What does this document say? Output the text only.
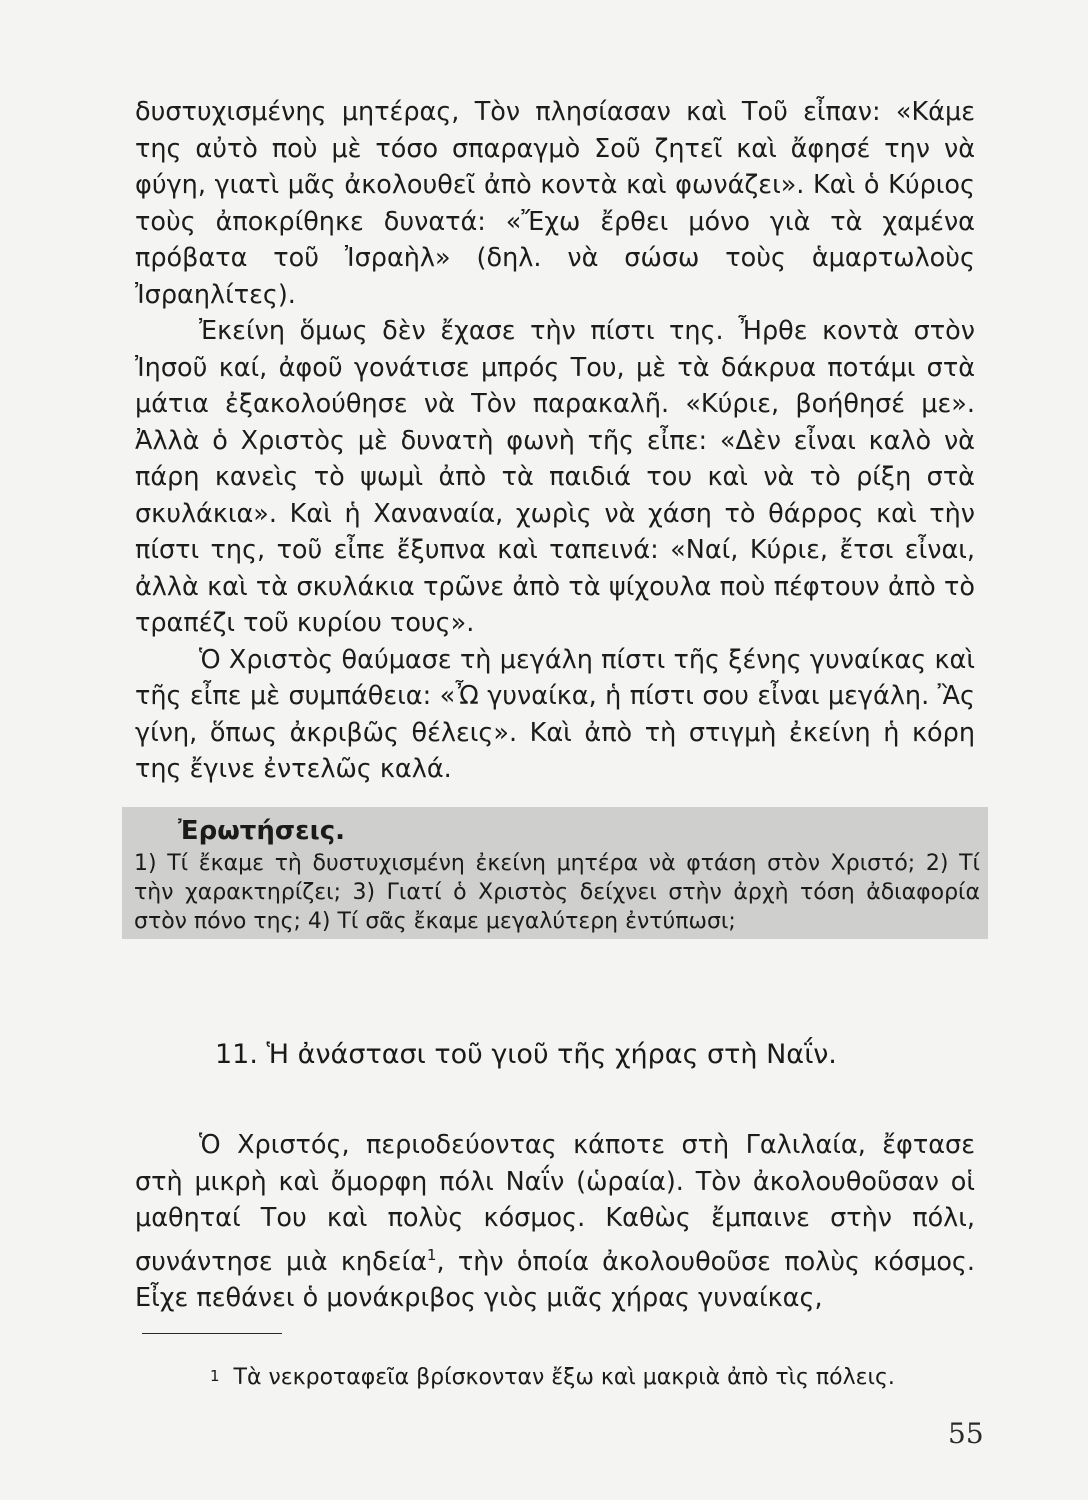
δυστυχισμένης μητέρας, Τὸν πλησίασαν καὶ Τοῦ εἶπαν: «Κάμε της αὐτὸ ποὺ μὲ τόσο σπαραγμὸ Σοῦ ζητεῖ καὶ ἄφησέ την νὰ φύγη, γιατὶ μᾶς ἀκολουθεῖ ἀπὸ κοντὰ καὶ φωνάζει». Καὶ ὁ Κύριος τοὺς ἀποκρίθηκε δυνατά: «Ἔχω ἔρθει μόνο γιὰ τὰ χαμένα πρόβατα τοῦ Ἰσραὴλ» (δηλ. νὰ σώσω τοὺς ἁμαρτωλοὺς Ἰσραηλίτες).

Ἐκείνη ὅμως δὲν ἔχασε τὴν πίστι της. Ἦρθε κοντὰ στὸν Ἰησοῦ καί, ἀφοῦ γονάτισε μπρός Του, μὲ τὰ δάκρυα ποτάμι στὰ μάτια ἐξακολούθησε νὰ Τὸν παρακαλῆ. «Κύριε, βοήθησέ με». Ἀλλὰ ὁ Χριστὸς μὲ δυνατὴ φωνὴ τῆς εἶπε: «Δὲν εἶναι καλὸ νὰ πάρη κανεὶς τὸ ψωμὶ ἀπὸ τὰ παιδιά του καὶ νὰ τὸ ρίξη στὰ σκυλάκια». Καὶ ἡ Χαναναία, χωρὶς νὰ χάση τὸ θάρρος καὶ τὴν πίστι της, τοῦ εἶπε ἔξυπνα καὶ ταπεινά: «Ναί, Κύριε, ἔτσι εἶναι, ἀλλὰ καὶ τὰ σκυλάκια τρῶνε ἀπὸ τὰ ψίχουλα ποὺ πέφτουν ἀπὸ τὸ τραπέζι τοῦ κυρίου τους».

Ὁ Χριστὸς θαύμασε τὴ μεγάλη πίστι τῆς ξένης γυναίκας καὶ τῆς εἶπε μὲ συμπάθεια: «Ὦ γυναίκα, ἡ πίστι σου εἶναι μεγάλη. Ἂς γίνη, ὅπως ἀκριβῶς θέλεις». Καὶ ἀπὸ τὴ στιγμὴ ἐκείνη ἡ κόρη της ἔγινε ἐντελῶς καλά.

Ἐρωτήσεις.
1) Τί ἔκαμε τὴ δυστυχισμένη ἐκείνη μητέρα νὰ φτάση στὸν Χριστό; 2) Τί τὴν χαρακτηρίζει; 3) Γιατί ὁ Χριστὸς δείχνει στὴν ἀρχὴ τόση ἀδιαφορία στὸν πόνο της; 4) Τί σᾶς ἔκαμε μεγαλύτερη ἐντύπωσι;
11. Ἡ ἀνάστασι τοῦ γιοῦ τῆς χήρας στὴ Ναΐν.

Ὁ Χριστός, περιοδεύοντας κάποτε στὴ Γαλιλαία, ἔφτασε στὴ μικρὴ καὶ ὄμορφη πόλι Ναΐν (ὡραία). Τὸν ἀκολουθοῦσαν οἱ μαθηταί Του καὶ πολὺς κόσμος. Καθὼς ἔμπαινε στὴν πόλι, συνάντησε μιὰ κηδεία$^1$, τὴν ὁποία ἀκολουθοῦσε πολὺς κόσμος. Εἶχε πεθάνει ὁ μονάκριβος γιὸς μιᾶς χήρας γυναίκας,

1 Τὰ νεκροταφεῖα βρίσκονταν ἔξω καὶ μακριὰ ἀπὸ τὶς πόλεις.
55
